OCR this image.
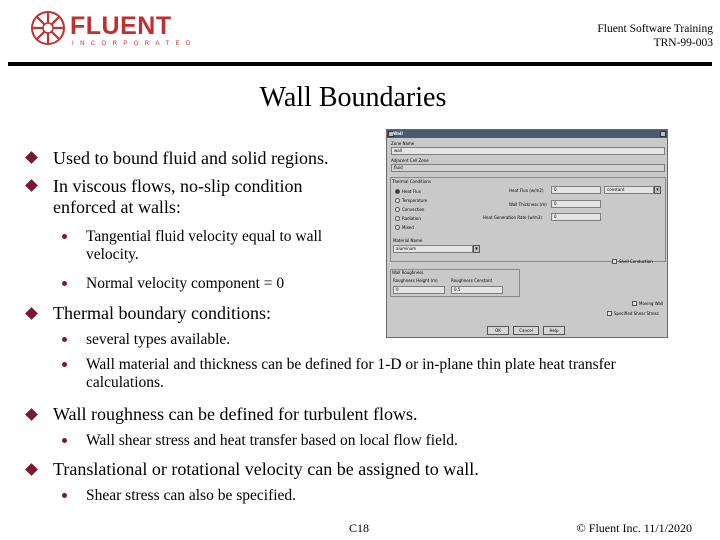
FLUENT
INCORPORATED
Fluent Software Training
TRN-99-003
Wall Boundaries
Used to bound fluid and solid regions.
In viscous flows, no-slip condition enforced at walls:
Tangential fluid velocity equal to wall velocity.
Normal velocity component = 0
Thermal boundary conditions:
several types available.
Wall material and thickness can be defined for 1-D or in-plane thin plate heat transfer calculations.
Wall roughness can be defined for turbulent flows.
Wall shear stress and heat transfer based on local flow field.
Translational or rotational velocity can be assigned to wall.
Shear stress can also be specified.
Wall
Zone Name
wall
Adjacent Cell Zone
fluid
Thermal Conditions
Heat Flux
Temperature
Convection
Radiation
Mixed
Heat Flux (w/m2)	0	constant	▾
Wall Thickness (m)	0
Heat Generation Rate (w/m3)	0
Material Name
aluminum	▾
Shell Conduction
Wall Roughness
Roughness Height (m)	Roughness Constant
0	0.5
Moving Wall
Specified Shear Stress
OK	Cancel	Help
C18	© Fluent Inc. 11/1/2020
